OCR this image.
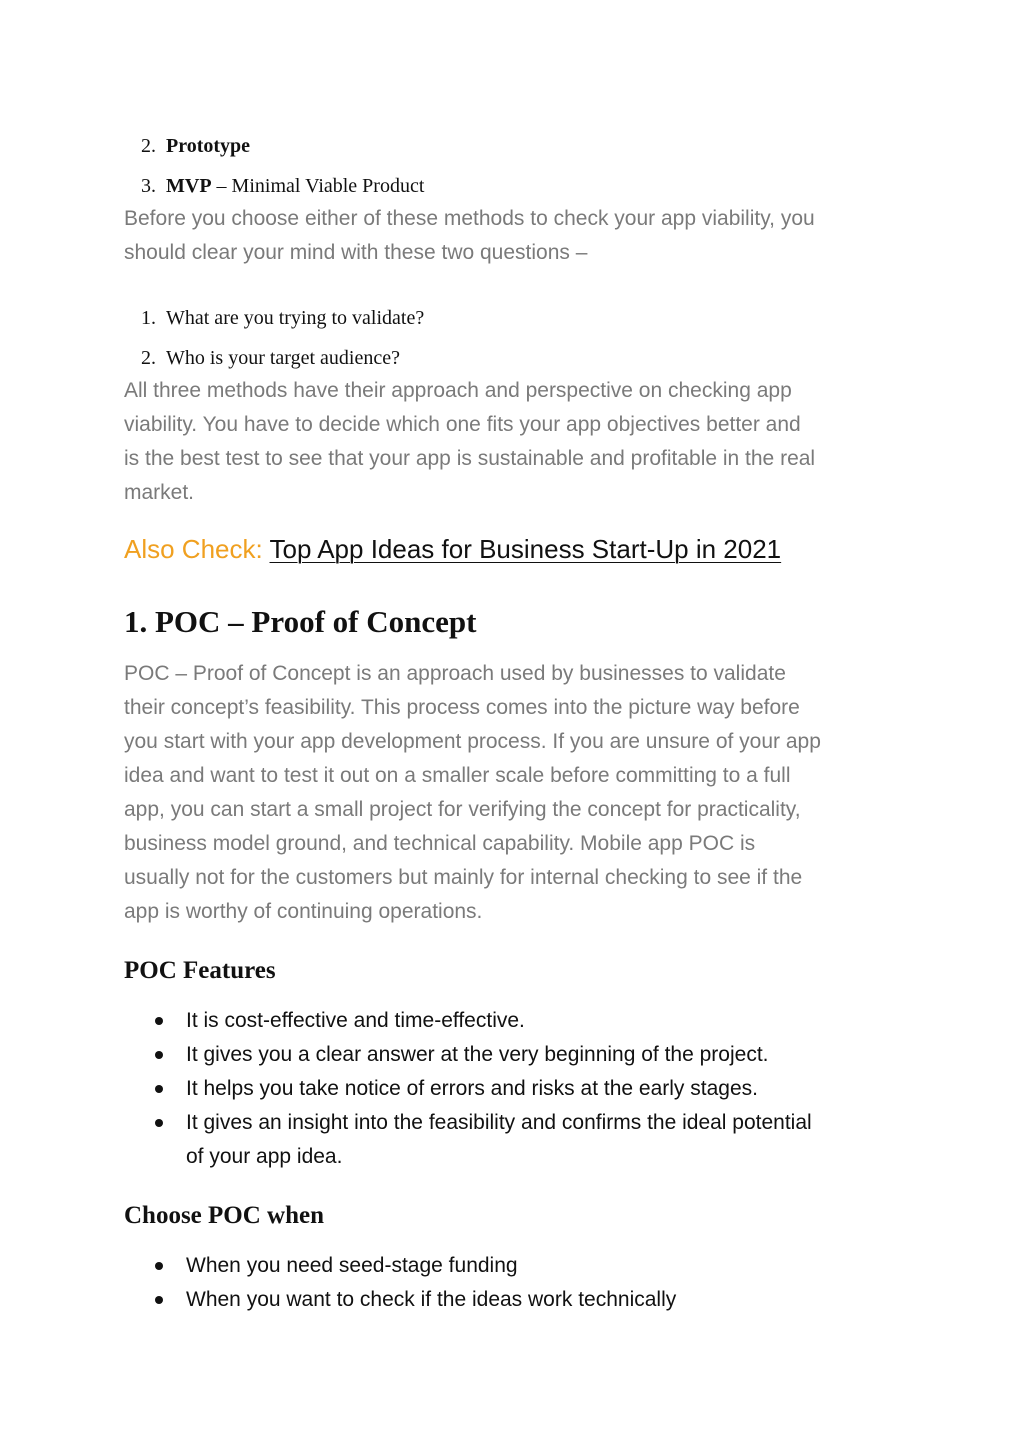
2. Prototype
3. MVP – Minimal Viable Product
Before you choose either of these methods to check your app viability, you
should clear your mind with these two questions –
1. What are you trying to validate?
2. Who is your target audience?
All three methods have their approach and perspective on checking app
viability. You have to decide which one fits your app objectives better and
is the best test to see that your app is sustainable and profitable in the real
market.
Also Check: Top App Ideas for Business Start-Up in 2021
1. POC – Proof of Concept
POC – Proof of Concept is an approach used by businesses to validate
their concept’s feasibility. This process comes into the picture way before
you start with your app development process. If you are unsure of your app
idea and want to test it out on a smaller scale before committing to a full
app, you can start a small project for verifying the concept for practicality,
business model ground, and technical capability. Mobile app POC is
usually not for the customers but mainly for internal checking to see if the
app is worthy of continuing operations.
POC Features
It is cost-effective and time-effective.
It gives you a clear answer at the very beginning of the project.
It helps you take notice of errors and risks at the early stages.
It gives an insight into the feasibility and confirms the ideal potential
of your app idea.
Choose POC when
When you need seed-stage funding
When you want to check if the ideas work technically
